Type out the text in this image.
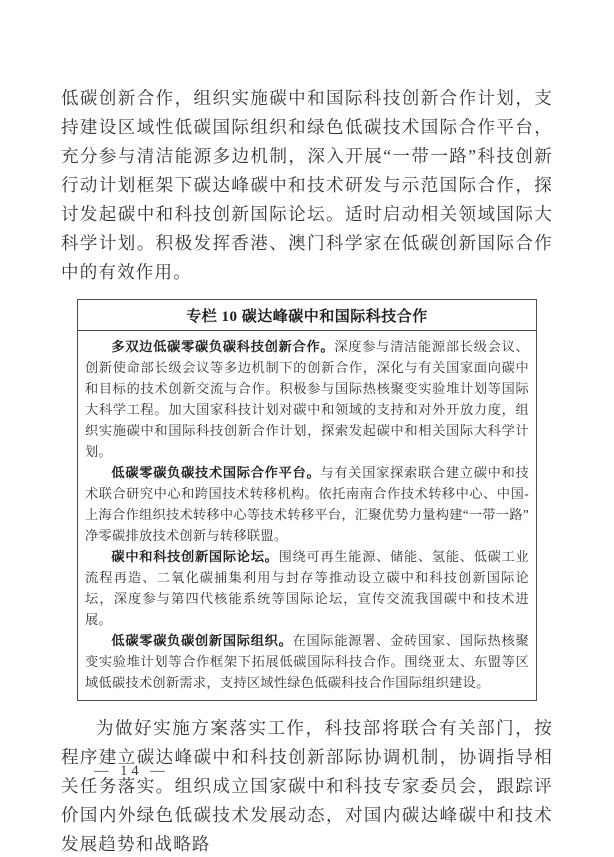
低碳创新合作，组织实施碳中和国际科技创新合作计划，支持建设区域性低碳国际组织和绿色低碳技术国际合作平台，充分参与清洁能源多边机制，深入开展“一带一路”科技创新行动计划框架下碳达峰碳中和技术研发与示范国际合作，探讨发起碳中和科技创新国际论坛。适时启动相关领域国际大科学计划。积极发挥香港、澳门科学家在低碳创新国际合作中的有效作用。

专栏 10 碳达峰碳中和国际科技合作

多双边低碳零碳负碳科技创新合作。深度参与清洁能源部长级会议、创新使命部长级会议等多边机制下的创新合作，深化与有关国家面向碳中和目标的技术创新交流与合作。积极参与国际热核聚变实验堆计划等国际大科学工程。加大国家科技计划对碳中和领域的支持和对外开放力度，组织实施碳中和国际科技创新合作计划，探索发起碳中和相关国际大科学计划。

低碳零碳负碳技术国际合作平台。与有关国家探索联合建立碳中和技术联合研究中心和跨国技术转移机构。依托南南合作技术转移中心、中国-上海合作组织技术转移中心等技术转移平台，汇聚优势力量构建“一带一路”净零碳排放技术创新与转移联盟。

碳中和科技创新国际论坛。围绕可再生能源、储能、氢能、低碳工业流程再造、二氧化碳捕集利用与封存等推动设立碳中和科技创新国际论坛，深度参与第四代核能系统等国际论坛，宣传交流我国碳中和技术进展。

低碳零碳负碳创新国际组织。在国际能源署、金砖国家、国际热核聚变实验堆计划等合作框架下拓展低碳国际科技合作。围绕亚太、东盟等区域低碳技术创新需求，支持区域性绿色低碳科技合作国际组织建设。

为做好实施方案落实工作，科技部将联合有关部门，按程序建立碳达峰碳中和科技创新部际协调机制，协调指导相关任务落实。组织成立国家碳中和科技专家委员会，跟踪评价国内外绿色低碳技术发展动态，对国内碳达峰碳中和技术发展趋势和战略路

— 14 —
